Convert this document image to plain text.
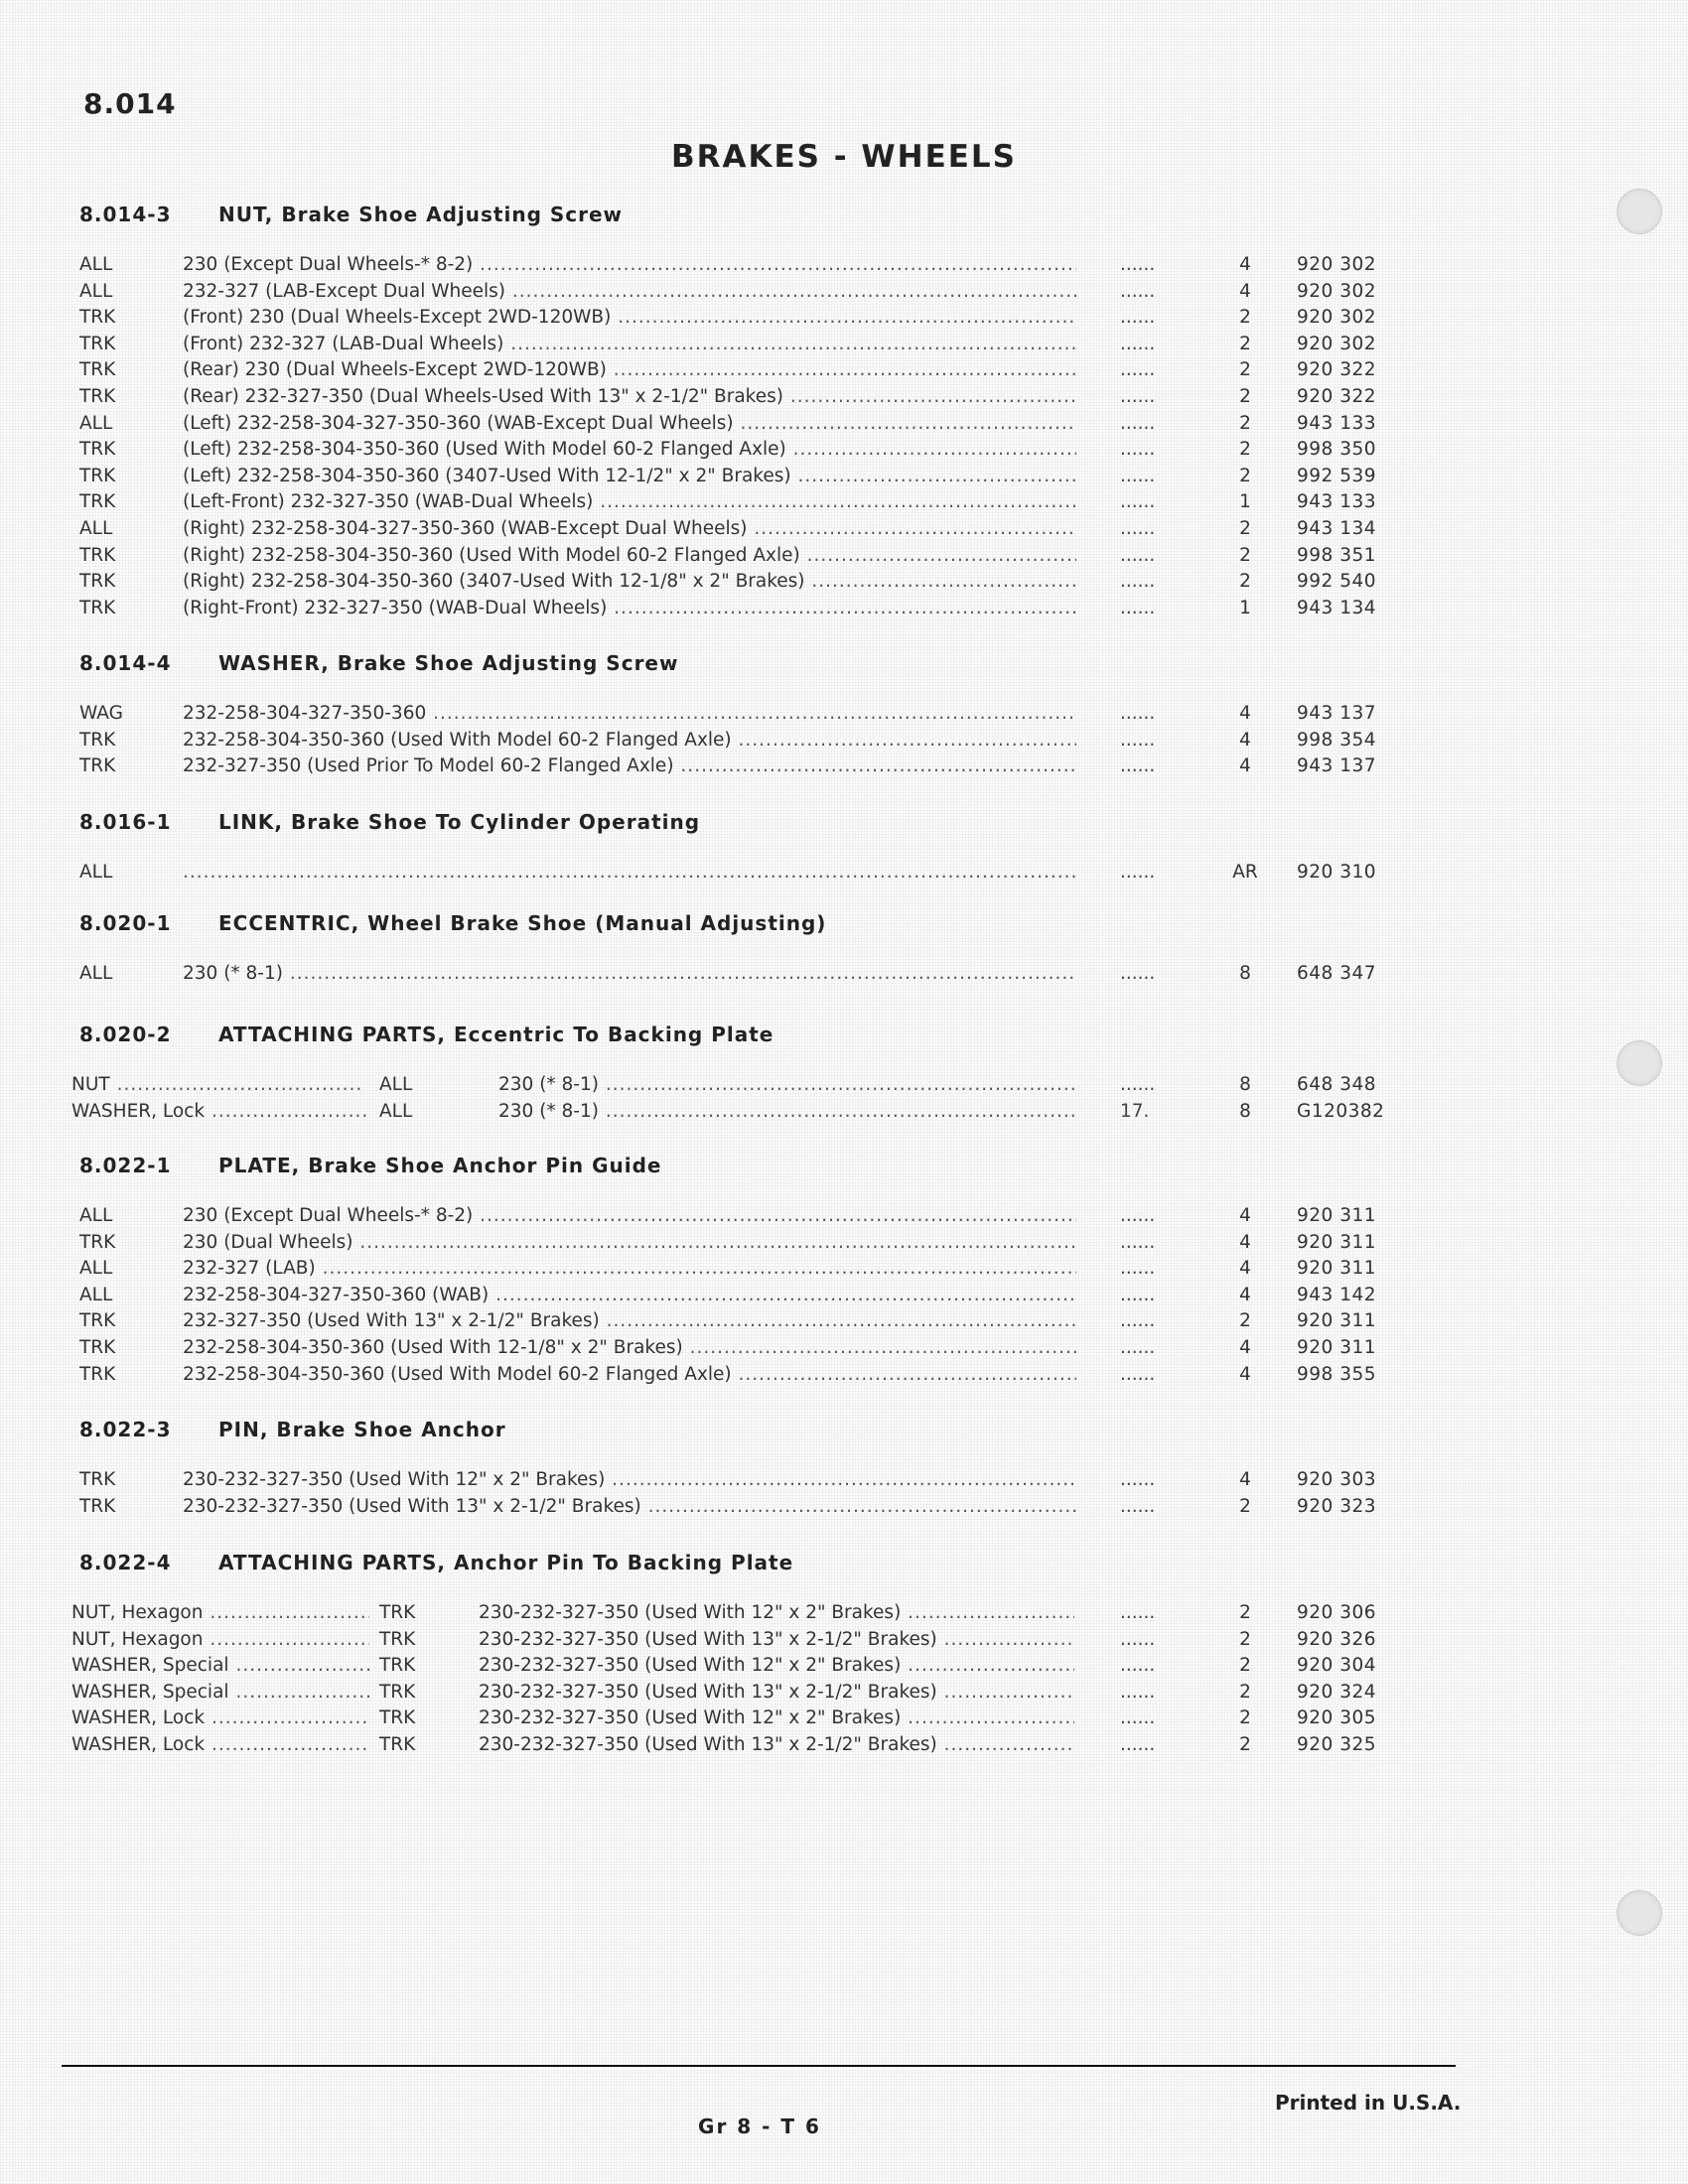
8.014
BRAKES - WHEELS
8.014-3 NUT, Brake Shoe Adjusting Screw
ALL	230 (Except Dual Wheels-* 8-2) .....	......	4	920 302
ALL	232-327 (LAB-Except Dual Wheels) .....	......	4	920 302
TRK	(Front) 230 (Dual Wheels-Except 2WD-120WB) .....	......	2	920 302
TRK	(Front) 232-327 (LAB-Dual Wheels) .....	......	2	920 302
TRK	(Rear) 230 (Dual Wheels-Except 2WD-120WB) .....	......	2	920 322
TRK	(Rear) 232-327-350 (Dual Wheels-Used With 13" x 2-1/2" Brakes) .....	......	2	920 322
ALL	(Left) 232-258-304-327-350-360 (WAB-Except Dual Wheels) .....	......	2	943 133
TRK	(Left) 232-258-304-350-360 (Used With Model 60-2 Flanged Axle) .....	......	2	998 350
TRK	(Left) 232-258-304-350-360 (3407-Used With 12-1/2" x 2" Brakes) .....	......	2	992 539
TRK	(Left-Front) 232-327-350 (WAB-Dual Wheels) .....	......	1	943 133
ALL	(Right) 232-258-304-327-350-360 (WAB-Except Dual Wheels) .....	......	2	943 134
TRK	(Right) 232-258-304-350-360 (Used With Model 60-2 Flanged Axle) .....	......	2	998 351
TRK	(Right) 232-258-304-350-360 (3407-Used With 12-1/8" x 2" Brakes) .....	......	2	992 540
TRK	(Right-Front) 232-327-350 (WAB-Dual Wheels) .....	......	1	943 134
8.014-4 WASHER, Brake Shoe Adjusting Screw
WAG	232-258-304-327-350-360 .....	......	4	943 137
TRK	232-258-304-350-360 (Used With Model 60-2 Flanged Axle) .....	......	4	998 354
TRK	232-327-350 (Used Prior To Model 60-2 Flanged Axle) .....	......	4	943 137
8.016-1 LINK, Brake Shoe To Cylinder Operating
ALL
.....	......	AR 920 310
8.020-1 ECCENTRIC, Wheel Brake Shoe (Manual Adjusting)
ALL	230 (* 8-1) .....	......	8	648 347
8.020-2 ATTACHING PARTS, Eccentric To Backing Plate
NUT .....	ALL	230 (* 8-1) .....	......	8	648 348
WASHER, Lock .....	ALL	230 (* 8-1) .....	17.	8	G120382
8.022-1 PLATE, Brake Shoe Anchor Pin Guide
ALL	230 (Except Dual Wheels-* 8-2) .....	......	4	920 311
TRK	230 (Dual Wheels) .....	......	4	920 311
ALL	232-327 (LAB) .....	......	4	920 311
ALL	232-258-304-327-350-360 (WAB) .....	......	4	943 142
TRK	232-327-350 (Used With 13" x 2-1/2" Brakes) .....	......	2	920 311
TRK	232-258-304-350-360 (Used With 12-1/8" x 2" Brakes) .....	......	4	920 311
TRK	232-258-304-350-360 (Used With Model 60-2 Flanged Axle) .....	......	4	998 355
8.022-3 PIN, Brake Shoe Anchor
TRK	230-232-327-350 (Used With 12" x 2" Brakes) .....	......	4	920 303
TRK	230-232-327-350 (Used With 13" x 2-1/2" Brakes) .....	......	2	920 323
8.022-4 ATTACHING PARTS, Anchor Pin To Backing Plate
NUT, Hexagon .....	TRK	230-232-327-350 (Used With 12" x 2" Brakes) .....	......	2	920 306
NUT, Hexagon .....	TRK	230-232-327-350 (Used With 13" x 2-1/2" Brakes) .....	......	2	920 326
WASHER, Special .....	TRK	230-232-327-350 (Used With 12" x 2" Brakes) .....	......	2	920 304
WASHER, Special .....	TRK	230-232-327-350 (Used With 13" x 2-1/2" Brakes) .....	......	2	920 324
WASHER, Lock .....	TRK	230-232-327-350 (Used With 12" x 2" Brakes) .....	......	2	920 305
WASHER, Lock .....	TRK	230-232-327-350 (Used With 13" x 2-1/2" Brakes) .....	......	2	920 325
Printed in U.S.A.
Gr 8 - T 6
